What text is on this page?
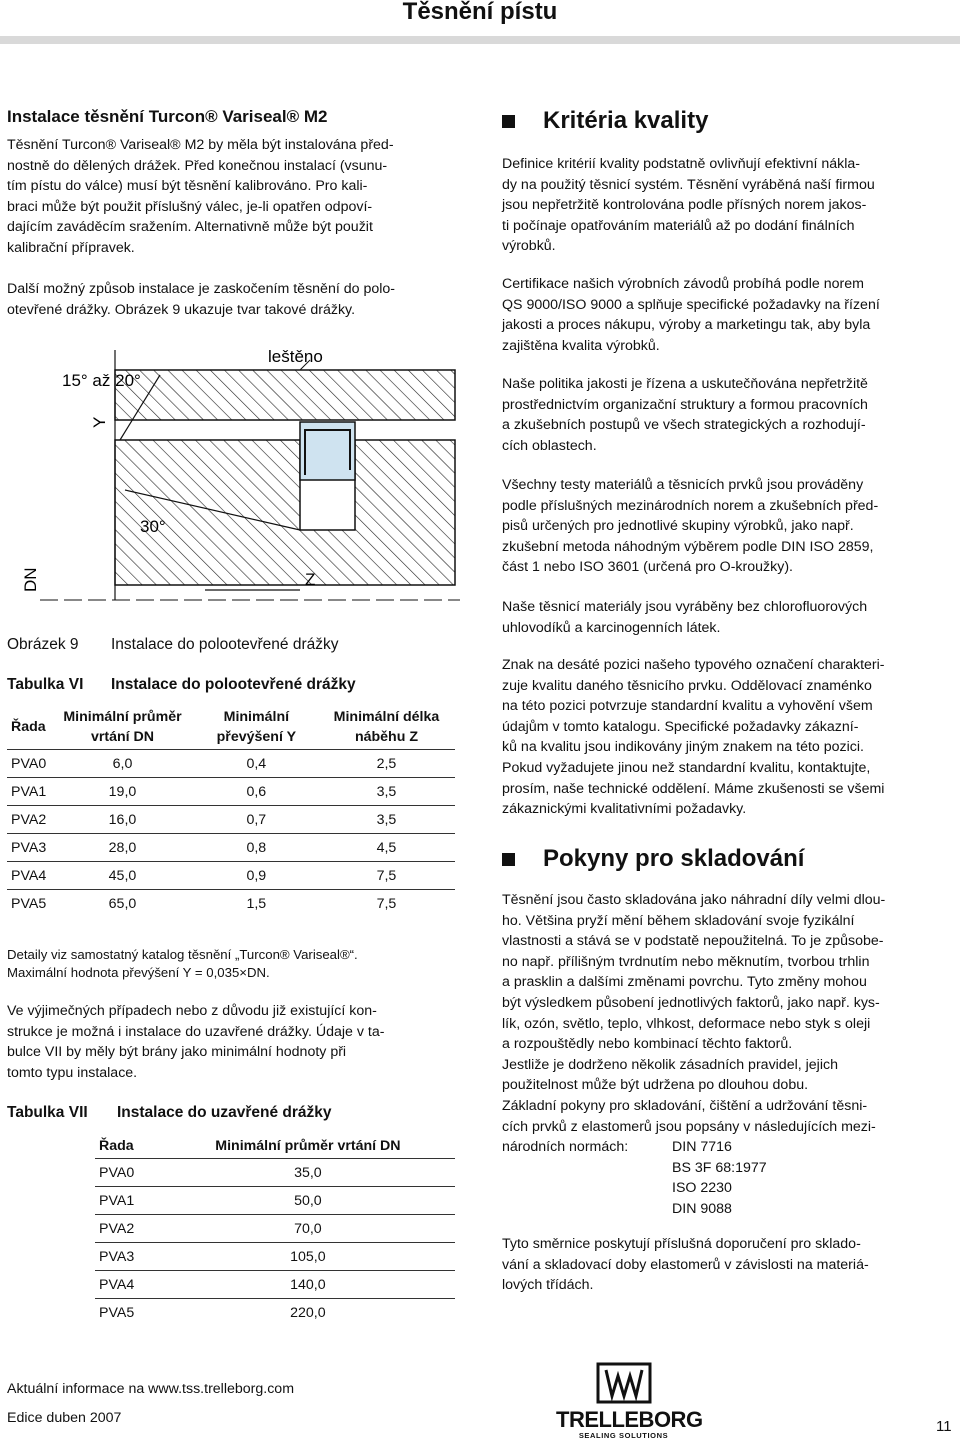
Těsnění pístu
Instalace těsnění Turcon® Variseal® M2
Těsnění Turcon® Variseal® M2 by měla být instalována před-
nostně do dělených drážek. Před konečnou instalací (vsunu-
tím pístu do válce) musí být těsnění kalibrováno. Pro kali-
braci může být použit příslušný válec, je-li opatřen odpoví-
dajícím zaváděcím sražením. Alternativně může být použit
kalibrační přípravek.
Další možný způsob instalace je zaskočením těsnění do polo-
otevřené drážky. Obrázek 9 ukazuje tvar takové drážky.
leštěno
15° až 20°
Y
30°
Z
DN
Obrázek 9 Instalace do polootevřené drážky
Tabulka VI Instalace do polootevřené drážky
Řada	Minimální průměr vrtání DN	Minimální převýšení Y	Minimální délka náběhu Z
PVA0	6,0	0,4	2,5
PVA1	19,0	0,6	3,5
PVA2	16,0	0,7	3,5
PVA3	28,0	0,8	4,5
PVA4	45,0	0,9	7,5
PVA5	65,0	1,5	7,5
Detaily viz samostatný katalog těsnění „Turcon® Variseal®“.
Maximální hodnota převýšení Y = 0,035×DN.
Ve výjimečných případech nebo z důvodu již existující kon-
strukce je možná i instalace do uzavřené drážky. Údaje v ta-
bulce VII by měly být brány jako minimální hodnoty při
tomto typu instalace.
Tabulka VII Instalace do uzavřené drážky
Řada	Minimální průměr vrtání DN
PVA0	35,0
PVA1	50,0
PVA2	70,0
PVA3	105,0
PVA4	140,0
PVA5	220,0
Kritéria kvality
Definice kritérií kvality podstatně ovlivňují efektivní nákla-
dy na použitý těsnicí systém. Těsnění vyráběná naší firmou
jsou nepřetržitě kontrolována podle přísných norem jakos-
ti počínaje opatřováním materiálů až po dodání finálních
výrobků.
Certifikace našich výrobních závodů probíhá podle norem
QS 9000/ISO 9000 a splňuje specifické požadavky na řízení
jakosti a proces nákupu, výroby a marketingu tak, aby byla
zajištěna kvalita výrobků.
Naše politika jakosti je řízena a uskutečňována nepřetržitě
prostřednictvím organizační struktury a formou pracovních
a zkušebních postupů ve všech strategických a rozhodují-
cích oblastech.
Všechny testy materiálů a těsnicích prvků jsou prováděny
podle příslušných mezinárodních norem a zkušebních před-
pisů určených pro jednotlivé skupiny výrobků, jako např.
zkušební metoda náhodným výběrem podle DIN ISO 2859,
část 1 nebo ISO 3601 (určená pro O-kroužky).
Naše těsnicí materiály jsou vyráběny bez chlorofluorových
uhlovodíků a karcinogenních látek.
Znak na desáté pozici našeho typového označení charakteri-
zuje kvalitu daného těsnicího prvku. Oddělovací znaménko
na této pozici potvrzuje standardní kvalitu a vyhovění všem
údajům v tomto katalogu. Specifické požadavky zákazní-
ků na kvalitu jsou indikovány jiným znakem na této pozici.
Pokud vyžadujete jinou než standardní kvalitu, kontaktujte,
prosím, naše technické oddělení. Máme zkušenosti se všemi
zákaznickými kvalitativními požadavky.
Pokyny pro skladování
Těsnění jsou často skladována jako náhradní díly velmi dlou-
ho. Většina pryží mění během skladování svoje fyzikální
vlastnosti a stává se v podstatě nepoužitelná. To je způsobe-
no např. přílišným tvrdnutím nebo měknutím, tvorbou trhlin
a prasklin a dalšími změnami povrchu. Tyto změny mohou
být výsledkem působení jednotlivých faktorů, jako např. kys-
lík, ozón, světlo, teplo, vlhkost, deformace nebo styk s oleji
a rozpouštědly nebo kombinací těchto faktorů.
Jestliže je dodrženo několik zásadních pravidel, jejich
použitelnost může být udržena po dlouhou dobu.
Základní pokyny pro skladování, čištění a udržování těsni-
cích prvků z elastomerů jsou popsány v následujících mezi-
národních normách:	DIN 7716
BS 3F 68:1977
ISO 2230
DIN 9088
Tyto směrnice poskytují příslušná doporučení pro sklado-
vání a skladovací doby elastomerů v závislosti na materiá-
lových třídách.
Aktuální informace na www.tss.trelleborg.com
Edice duben 2007	TRELLEBORG
SEALING SOLUTIONS
11
